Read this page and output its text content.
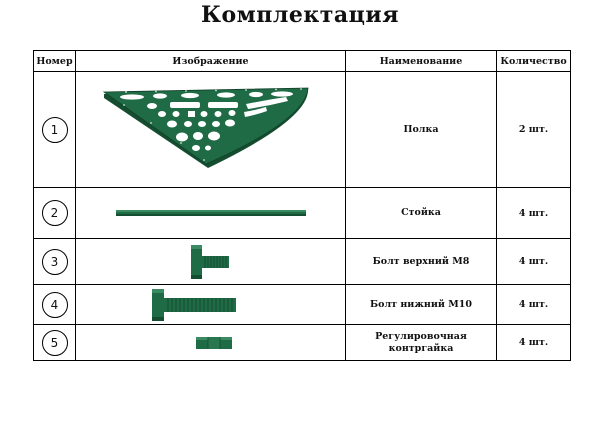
Комплектация
Номер	Изображение	Наименование	Количество
1		Полка	2 шт.
2		Стойка	4 шт.
3		Болт верхний М8	4 шт.
4		Болт нижний М10	4 шт.
5		Регулировочная контргайка	4 шт.
